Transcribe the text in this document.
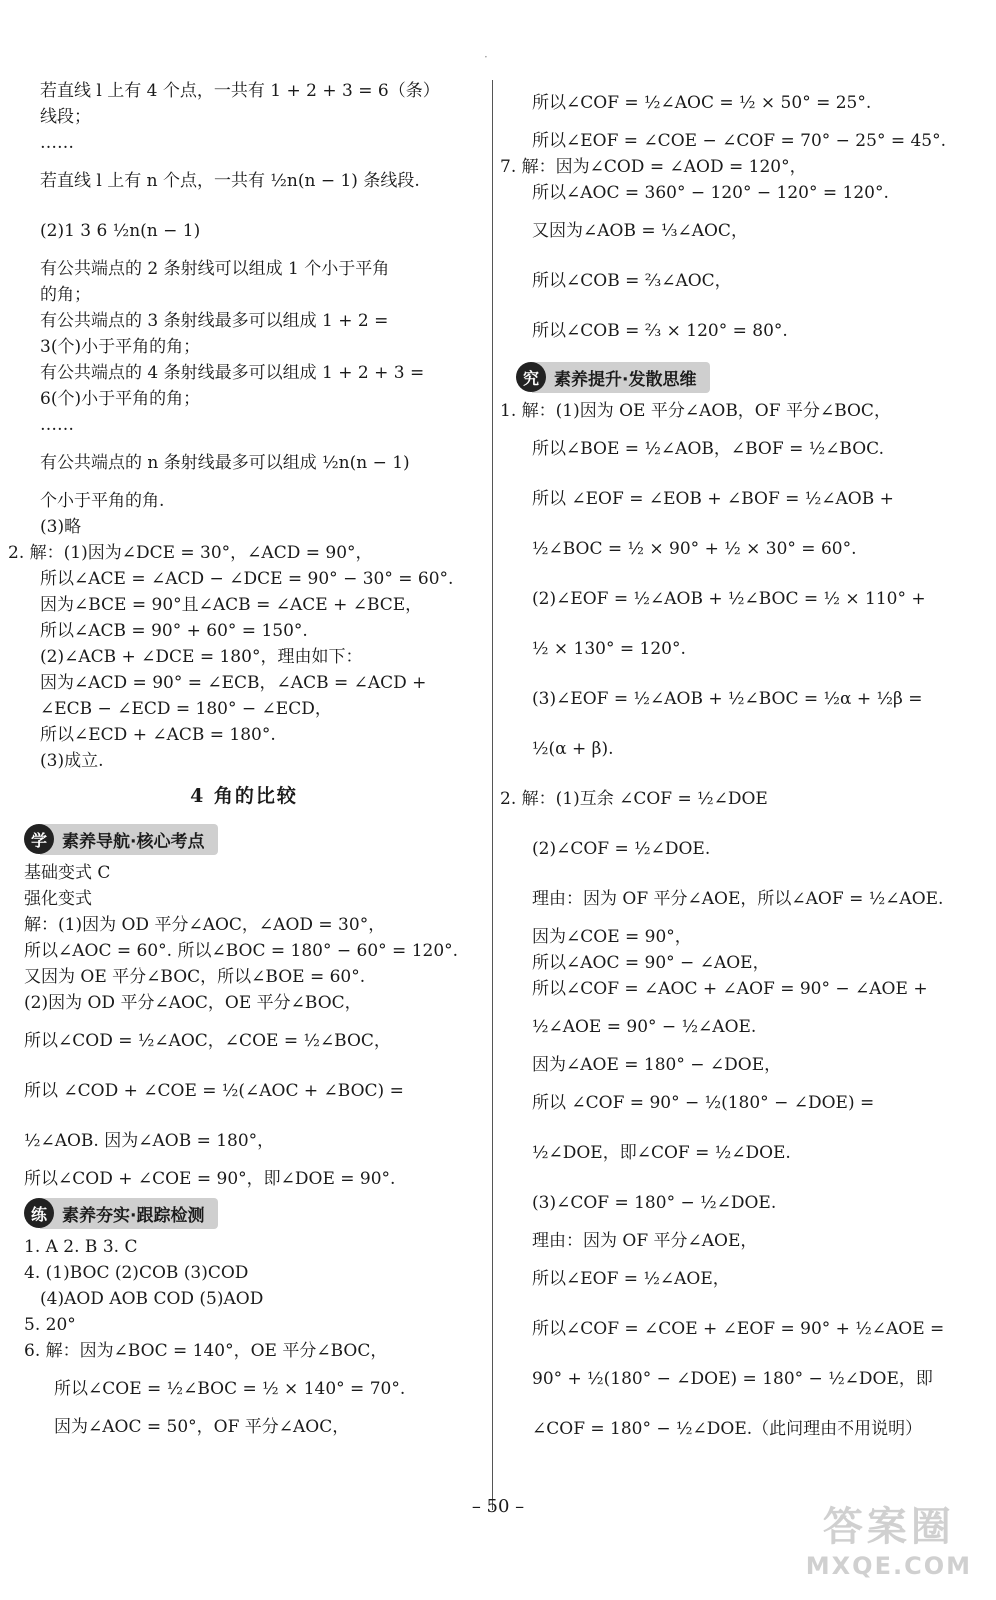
·
若直线 l 上有 4 个点，一共有 1 + 2 + 3 = 6（条）
线段；
……
若直线 l 上有 n 个点，一共有 ½n(n − 1) 条线段.
(2)1 3 6 ½n(n − 1)
有公共端点的 2 条射线可以组成 1 个小于平角
的角；
有公共端点的 3 条射线最多可以组成 1 + 2 =
3(个)小于平角的角；
有公共端点的 4 条射线最多可以组成 1 + 2 + 3 =
6(个)小于平角的角；
……
有公共端点的 n 条射线最多可以组成 ½n(n − 1)
个小于平角的角.
(3)略
2. 解：(1)因为∠DCE = 30°，∠ACD = 90°，
所以∠ACE = ∠ACD − ∠DCE = 90° − 30° = 60°.
因为∠BCE = 90°且∠ACB = ∠ACE + ∠BCE，
所以∠ACB = 90° + 60° = 150°.
(2)∠ACB + ∠DCE = 180°，理由如下：
因为∠ACD = 90° = ∠ECB，∠ACB = ∠ACD +
∠ECB − ∠ECD = 180° − ∠ECD，
所以∠ECD + ∠ACB = 180°.
(3)成立.
4 角的比较
学 素养导航·核心考点
基础变式 C
强化变式
解：(1)因为 OD 平分∠AOC，∠AOD = 30°，
所以∠AOC = 60°. 所以∠BOC = 180° − 60° = 120°.
又因为 OE 平分∠BOC，所以∠BOE = 60°.
(2)因为 OD 平分∠AOC，OE 平分∠BOC，
所以∠COD = ½∠AOC，∠COE = ½∠BOC，
所以 ∠COD + ∠COE = ½(∠AOC + ∠BOC) =
½∠AOB. 因为∠AOB = 180°，
所以∠COD + ∠COE = 90°，即∠DOE = 90°.
练 素养夯实·跟踪检测
1. A 2. B 3. C
4. (1)BOC (2)COB (3)COD
(4)AOD AOB COD (5)AOD
5. 20°
6. 解：因为∠BOC = 140°，OE 平分∠BOC，
所以∠COE = ½∠BOC = ½ × 140° = 70°.
因为∠AOC = 50°，OF 平分∠AOC，
所以∠COF = ½∠AOC = ½ × 50° = 25°.
所以∠EOF = ∠COE − ∠COF = 70° − 25° = 45°.
7. 解：因为∠COD = ∠AOD = 120°，
所以∠AOC = 360° − 120° − 120° = 120°.
又因为∠AOB = ⅓∠AOC，
所以∠COB = ⅔∠AOC，
所以∠COB = ⅔ × 120° = 80°.
究 素养提升·发散思维
1. 解：(1)因为 OE 平分∠AOB，OF 平分∠BOC，
所以∠BOE = ½∠AOB，∠BOF = ½∠BOC.
所以 ∠EOF = ∠EOB + ∠BOF = ½∠AOB +
½∠BOC = ½ × 90° + ½ × 30° = 60°.
(2)∠EOF = ½∠AOB + ½∠BOC = ½ × 110° +
½ × 130° = 120°.
(3)∠EOF = ½∠AOB + ½∠BOC = ½α + ½β =
½(α + β).
2. 解：(1)互余 ∠COF = ½∠DOE
(2)∠COF = ½∠DOE.
理由：因为 OF 平分∠AOE，所以∠AOF = ½∠AOE.
因为∠COE = 90°，
所以∠AOC = 90° − ∠AOE，
所以∠COF = ∠AOC + ∠AOF = 90° − ∠AOE +
½∠AOE = 90° − ½∠AOE.
因为∠AOE = 180° − ∠DOE，
所以 ∠COF = 90° − ½(180° − ∠DOE) =
½∠DOE，即∠COF = ½∠DOE.
(3)∠COF = 180° − ½∠DOE.
理由：因为 OF 平分∠AOE，
所以∠EOF = ½∠AOE，
所以∠COF = ∠COE + ∠EOF = 90° + ½∠AOE =
90° + ½(180° − ∠DOE) = 180° − ½∠DOE，即
∠COF = 180° − ½∠DOE.（此问理由不用说明）
– 50 –	答案圈
MXQE.COM
